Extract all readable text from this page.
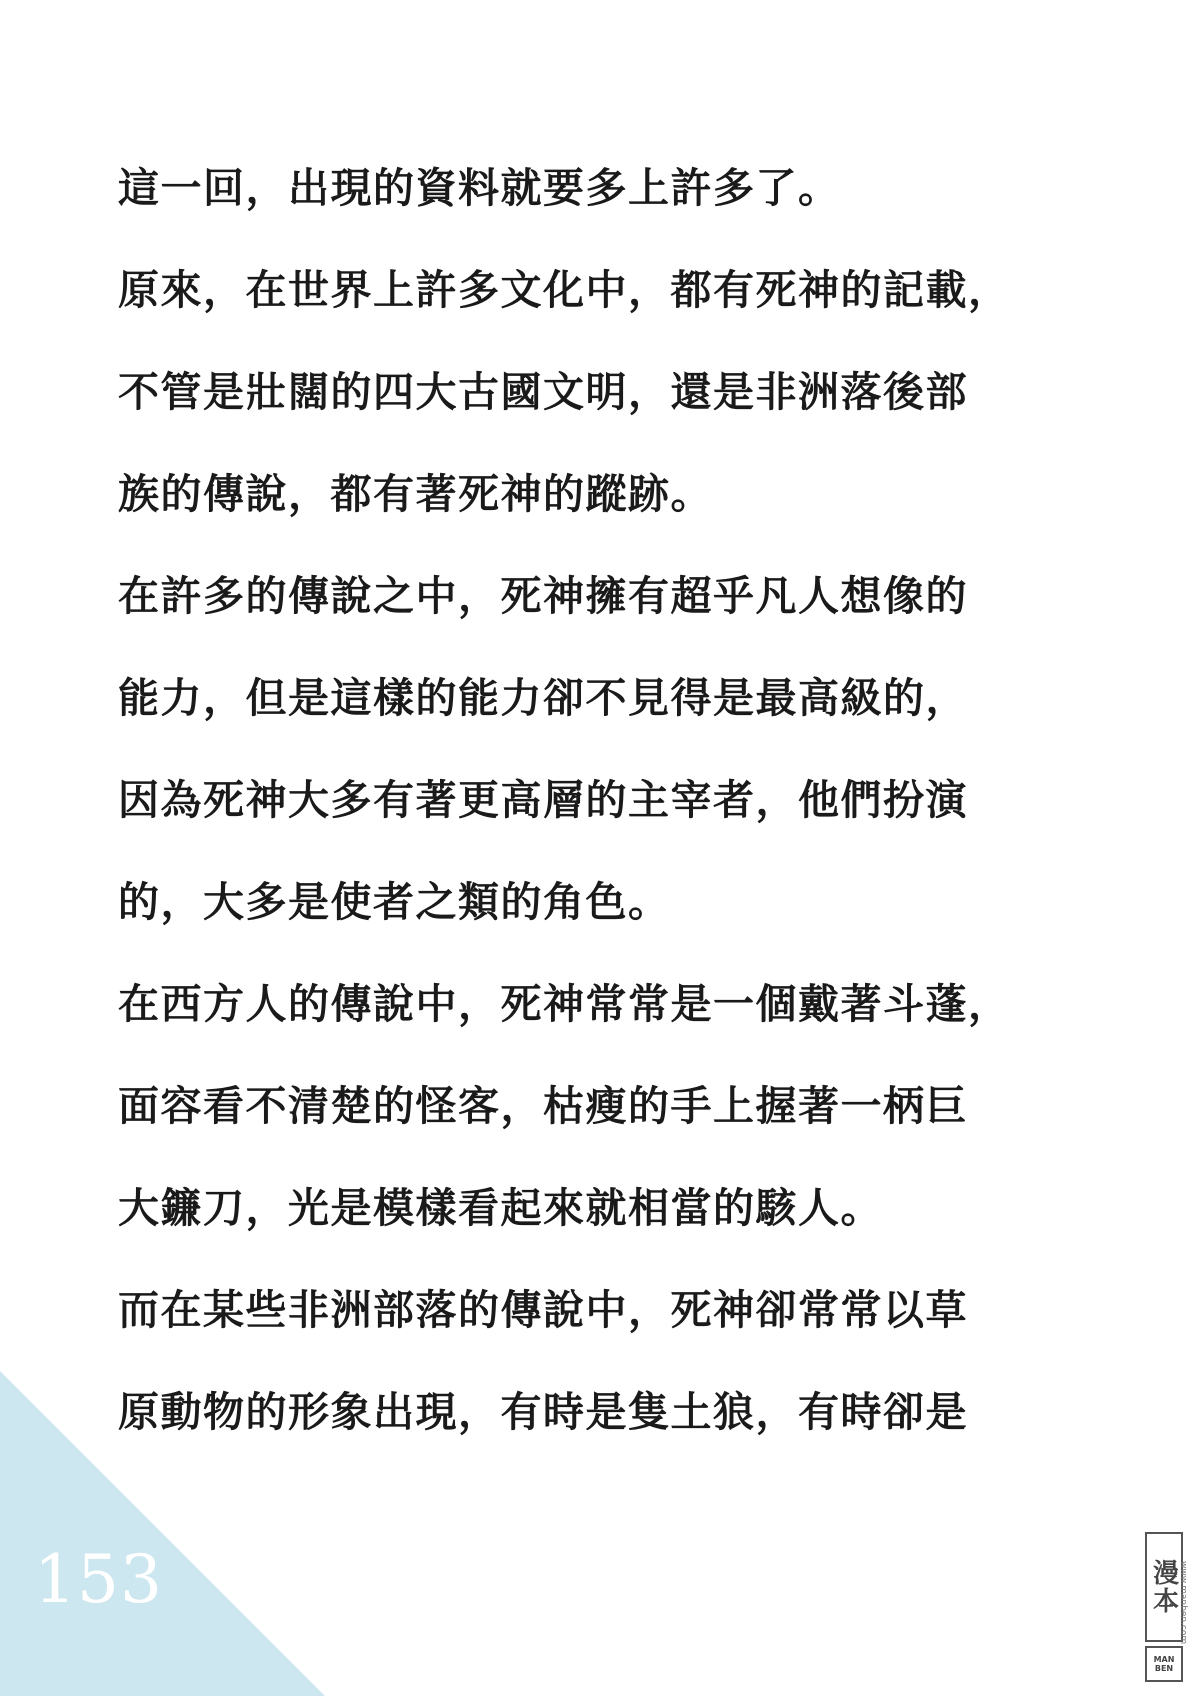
這一回，出現的資料就要多上許多了。
原來，在世界上許多文化中，都有死神的記載，
不管是壯闊的四大古國文明，還是非洲落後部
族的傳說，都有著死神的蹤跡。
在許多的傳說之中，死神擁有超乎凡人想像的
能力，但是這樣的能力卻不見得是最高級的，
因為死神大多有著更高層的主宰者，他們扮演
的，大多是使者之類的角色。
在西方人的傳說中，死神常常是一個戴著斗蓬，
面容看不清楚的怪客，枯瘦的手上握著一柄巨
大鐮刀，光是模樣看起來就相當的駭人。
而在某些非洲部落的傳說中，死神卻常常以草
原動物的形象出現，有時是隻土狼，有時卻是
153	漫本
MAN BEN
www.manben.com
